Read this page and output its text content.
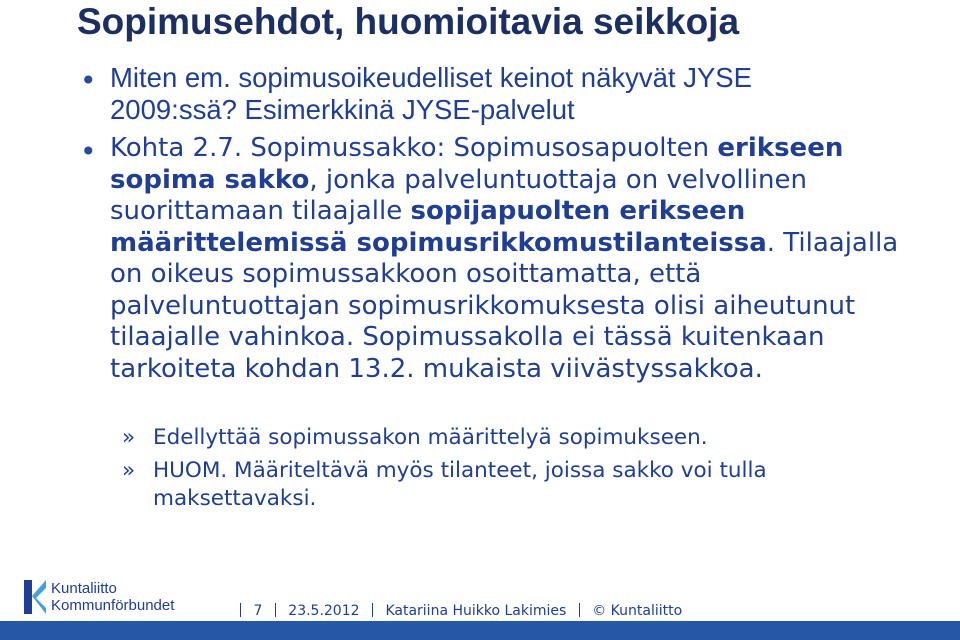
Sopimusehdot, huomioitavia seikkoja
• Miten em. sopimusoikeudelliset keinot näkyvät JYSE
2009:ssä? Esimerkkinä JYSE-palvelut
• Kohta 2.7. Sopimussakko: Sopimusosapuolten erikseen sopima sakko, jonka palveluntuottaja on velvollinen suorittamaan tilaajalle sopijapuolten erikseen määrittelemissä sopimusrikkomustilanteissa. Tilaajalla on oikeus sopimussakkoon osoittamatta, että palveluntuottajan sopimusrikkomuksesta olisi aiheutunut tilaajalle vahinkoa. Sopimussakolla ei tässä kuitenkaan tarkoiteta kohdan 13.2. mukaista viivästyssakkoa.
» Edellyttää sopimussakon määrittelyä sopimukseen.
» HUOM. Määriteltävä myös tilanteet, joissa sakko voi tulla maksettavaksi.
Kuntaliitto
Kommunförbundet	7 23.5.2012 Katariina Huikko Lakimies © Kuntaliitto
